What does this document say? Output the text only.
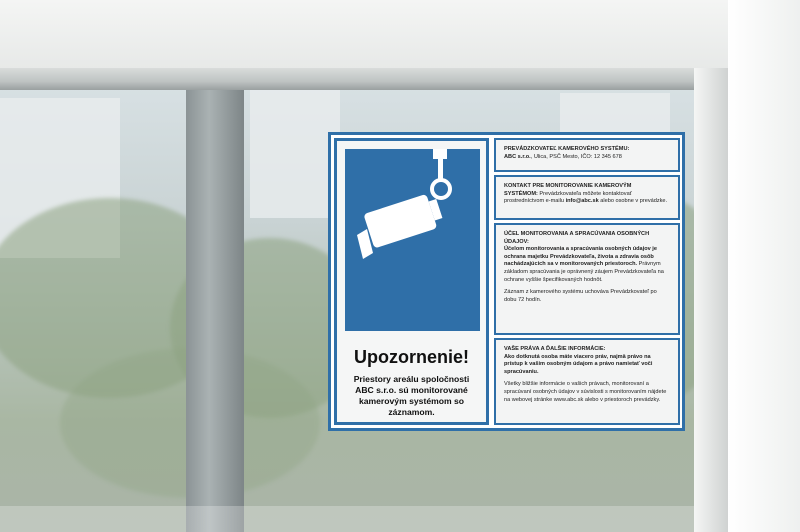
Upozornenie!
Priestory areálu spoločnosti
ABC s.r.o. sú monitorované
kamerovým systémom so
záznamom.
PREVÁDZKOVATEĽ KAMEROVÉHO SYSTÉMU:
ABC s.r.o., Ulica, PSČ Mesto, IČO: 12 345 678
KONTAKT PRE MONITOROVANIE KAMEROVÝM
SYSTÉMOM: Prevádzkovateľa môžete kontaktovať prostredníctvom e-mailu info@abc.sk alebo osobne v prevádzke.
ÚČEL MONITOROVANIA A SPRACÚVANIA OSOBNÝCH ÚDAJOV:

Účelom monitorovania a spracúvania osobných údajov je ochrana majetku Prevádzkovateľa, života a zdravia osôb nachádzajúcich sa v monitorovaných priestoroch. Právnym základom spracúvania je oprávnený záujem Prevádzkovateľa na ochrane vyššie špecifikovaných hodnôt.

Záznam z kamerového systému uchováva Prevádzkovateľ po dobu 72 hodín.

VAŠE PRÁVA A ĎALŠIE INFORMÁCIE:

Ako dotknutá osoba máte viacero práv, najmä právo na prístup k vašim osobným údajom a právo namietať voči spracúvaniu.

Všetky bližšie informácie o vašich právach, monitorovaní a spracúvaní osobných údajov v súvislosti s monitorovaním nájdete na webovej stránke www.abc.sk alebo v priestoroch prevádzky.
